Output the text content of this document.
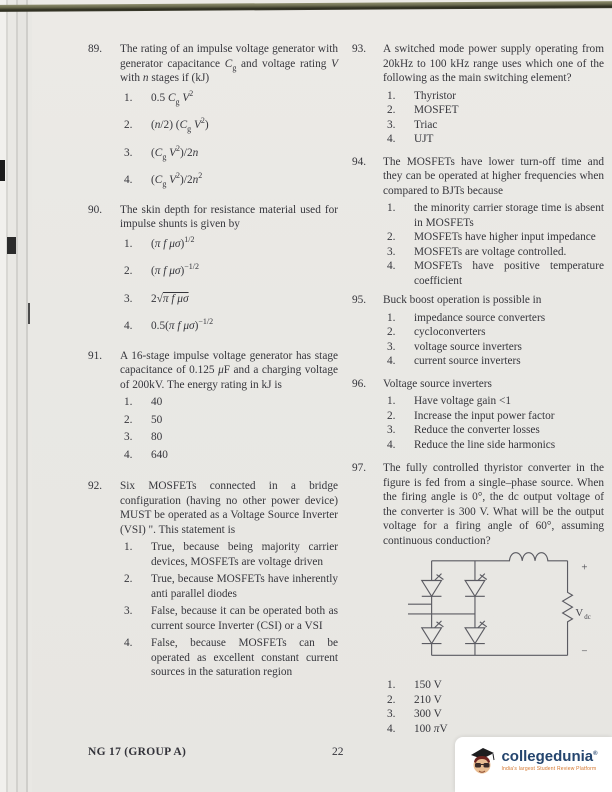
89.	The rating of an impulse voltage generator with generator capacitance $C_g$ and voltage rating V with n stages if (kJ)
1.	0.5 $C_g$ $V^2$
2.	(n/2) ($C_g$ $V^2$)
3.	($C_g$ $V^2)/2n$
4.	($C_g$ $V^2)/2n^2$
90.	The skin depth for resistance material used for impulse shunts is given by
1.	(π f μσ)$^{1/2}$
2.	(π f μσ)$^{-1/2}$
3.	2√π f μσ
4.	0.5(π f μσ)$^{-1/2}$
91.	A 16-stage impulse voltage generator has stage capacitance of 0.125 μF and a charging voltage of 200kV. The energy rating in kJ is
1.	40
2.	50
3.	80
4.	640
92.	Six MOSFETs connected in a bridge configuration (having no other power device) MUST be operated as a Voltage Source Inverter (VSI) ". This statement is
1.	True, because being majority carrier devices, MOSFETs are voltage driven
2.	True, because MOSFETs have inherently anti parallel diodes
3.	False, because it can be operated both as current source Inverter (CSI) or a VSI
4.	False, because MOSFETs can be operated as excellent constant current sources in the saturation region
93.	A switched mode power supply operating from 20kHz to 100 kHz range uses which one of the following as the main switching element?
1.	Thyristor
2.	MOSFET
3.	Triac
4.	UJT
94.	The MOSFETs have lower turn-off time and they can be operated at higher frequencies when compared to BJTs because
1.	the minority carrier storage time is absent in MOSFETs
2.	MOSFETs have higher input impedance
3.	MOSFETs are voltage controlled.
4.	MOSFETs have positive temperature coefficient
95.	Buck boost operation is possible in
1.	impedance source converters
2.	cycloconverters
3.	voltage source inverters
4.	current source inverters
96.	Voltage source inverters
1.	Have voltage gain <1
2.	Increase the input power factor
3.	Reduce the converter losses
4.	Reduce the line side harmonics
97.	The fully controlled thyristor converter in the figure is fed from a single–phase source. When the firing angle is 0°, the dc output voltage of the converter is 300 V. What will be the output voltage for a firing angle of 60°, assuming continuous conduction?
+
V dc
−
1.	150 V
2.	210 V
3.	300 V
4.	100 πV
NG 17 (GROUP A)	22	collegedunia®
India's largest Student Review Platform
